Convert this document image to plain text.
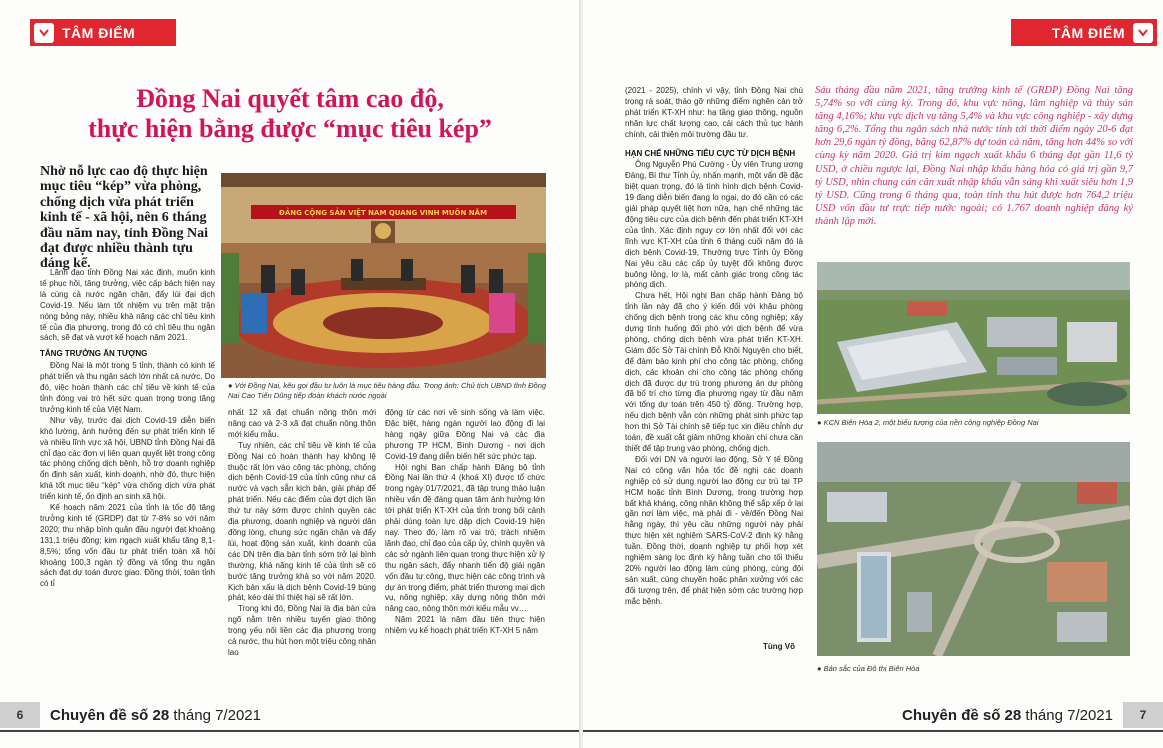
TÂM ĐIỂM
Đồng Nai quyết tâm cao độ,
thực hiện bằng được “mục tiêu kép”
Nhờ nỗ lực cao độ thực hiện mục tiêu “kép” vừa phòng, chống dịch vừa phát triển kinh tế - xã hội, nên 6 tháng đầu năm nay, tỉnh Đồng Nai đạt được nhiều thành tựu đáng kể.
ĐẢNG CỘNG SẢN VIỆT NAM QUANG VINH MUÔN NĂM
● Với Đồng Nai, kêu gọi đầu tư luôn là mục tiêu hàng đầu. Trong ảnh: Chủ tịch UBND tỉnh Đồng Nai Cao Tiến Dũng tiếp đoàn khách nước ngoài

Lãnh đạo tỉnh Đồng Nai xác định, muốn kinh tế phục hồi, tăng trưởng, việc cấp bách hiện nay là cùng cả nước ngăn chặn, đẩy lùi đại dịch Covid-19. Nếu làm tốt nhiệm vụ trên mặt trận nóng bỏng này, nhiều khả năng các chỉ tiêu kinh tế của địa phương, trong đó có chỉ tiêu thu ngân sách, sẽ đạt và vượt kế hoạch năm 2021.

TĂNG TRƯỞNG ẤN TƯỢNG

Đồng Nai là một trong 5 tỉnh, thành có kinh tế phát triển và thu ngân sách lớn nhất cả nước. Do đó, việc hoàn thành các chỉ tiêu về kinh tế của tỉnh đóng vai trò hết sức quan trọng trong tăng trưởng kinh tế của Việt Nam.

Như vậy, trước đại dịch Covid-19 diễn biến khó lường, ảnh hưởng đến sự phát triển kinh tế và nhiều lĩnh vực xã hội, UBND tỉnh Đồng Nai đã chỉ đạo các đơn vị liên quan quyết liệt trong công tác phòng chống dịch bệnh, hỗ trợ doanh nghiệp ổn định sản xuất, kinh doanh, nhờ đó, thực hiện khá tốt mục tiêu “kép” vừa chống dịch vừa phát triển kinh tế, ổn định an sinh xã hội.

Kế hoạch năm 2021 của tỉnh là tốc độ tăng trưởng kinh tế (GRDP) đạt từ 7-8% so với năm 2020; thu nhập bình quân đầu người đạt khoảng 131,1 triệu đồng; kim ngạch xuất khẩu tăng 8,1-8,5%; tổng vốn đầu tư phát triển toàn xã hội khoảng 100,3 ngàn tỷ đồng và tổng thu ngân sách đạt dự toán được giao. Đồng thời, toàn tỉnh có tỉ

nhất 12 xã đạt chuẩn nông thôn mới nâng cao và 2-3 xã đạt chuẩn nông thôn mới kiểu mẫu.

Tuy nhiên, các chỉ tiêu về kinh tế của Đồng Nai có hoàn thành hay không lệ thuộc rất lớn vào công tác phòng, chống dịch bệnh Covid-19 của tỉnh cũng như cả nước và vạch sẵn kịch bản, giải pháp để phát triển. Nếu các điểm của đợt dịch lần thứ tư này sớm được chính quyền các địa phương, doanh nghiệp và người dân đồng lòng, chung sức ngăn chặn và đẩy lùi, hoạt động sản xuất, kinh doanh của các DN trên địa bàn tỉnh sớm trở lại bình thường, khả năng kinh tế của tỉnh sẽ có bước tăng trưởng khả so với năm 2020. Kịch bản xấu là dịch bệnh Covid-19 bùng phát, kéo dài thì thiệt hại sẽ rất lớn.

Trong khi đó, Đồng Nai là địa bàn cửa ngõ nằm trên nhiều tuyến giao thông trọng yếu nối liền các địa phương trong cả nước, thu hút hơn một triệu công nhân lao

động từ các nơi về sinh sống và làm việc. Đặc biệt, hàng ngàn người lao động đi lại hàng ngày giữa Đồng Nai và các địa phương TP HCM, Bình Dương - nơi dịch Covid-19 đang diễn biến hết sức phức tạp.

Hội nghị Ban chấp hành Đảng bộ tỉnh Đồng Nai lần thứ 4 (khoá XI) được tổ chức trong ngày 01/7/2021, đã tập trung thảo luận nhiều vấn đề đáng quan tâm ảnh hưởng lớn tới phát triển KT-XH của tỉnh trong bối cảnh phải dùng toàn lực dập dịch Covid-19 hiện nay. Theo đó, làm rõ vai trò, trách nhiệm lãnh đạo, chỉ đạo của cấp ủy, chính quyền và các sở ngành liên quan trong thực hiện xử lý thu ngân sách, đẩy nhanh tiến độ giải ngân vốn đầu tư công, thực hiện các công trình và dự án trọng điểm, phát triển thương mại dịch vụ, nông nghiệp, xây dựng nông thôn mới nâng cao, nông thôn mới kiểu mẫu vv…

Năm 2021 là năm đầu tiên thực hiện nhiệm vụ kế hoạch phát triển KT-XH 5 năm

6	Chuyên đề số 28 tháng 7/2021
TÂM ĐIỂM

(2021 - 2025), chính vì vậy, tỉnh Đồng Nai chú trọng rà soát, tháo gỡ những điểm nghẽn cản trở phát triển KT-XH như: hạ tầng giao thông, nguồn nhân lực chất lượng cao, cải cách thủ tục hành chính, cải thiện môi trường đầu tư.

HẠN CHẾ NHỮNG TIÊU CỰC TỪ DỊCH BỆNH

Ông Nguyễn Phú Cường - Ủy viên Trung ương Đảng, Bí thư Tỉnh ủy, nhấn mạnh, một vấn đề đặc biệt quan trọng, đó là tình hình dịch bệnh Covid-19 đang diễn biến đang lo ngại, do đó cần có các giải pháp quyết liệt hơn nữa, hạn chế những tác động tiêu cực của dịch bệnh đến phát triển KT-XH của tỉnh. Xác định nguy cơ lớn nhất đối với các lĩnh vực KT-XH của tỉnh 6 tháng cuối năm đó là dịch bệnh Covid-19, Thường trực Tỉnh ủy Đồng Nai yêu cầu các cấp ủy tuyệt đối không được buông lỏng, lơ là, mất cảnh giác trong công tác phòng dịch.

Chưa hết, Hội nghị Ban chấp hành Đảng bộ tỉnh lần này đã cho ý kiến đối với khâu phòng chống dịch bệnh trong các khu công nghiệp; xây dựng tình huống đối phó với dịch bệnh để vừa phòng, chống dịch bệnh vừa phát triển KT-XH. Giám đốc Sở Tài chính Đỗ Khôi Nguyên cho biết, để đảm bảo kinh phí cho công tác phòng, chống dịch, các khoản chi cho công tác phòng chống dịch đã được dự trù trong phương án dự phòng đã bố trí cho từng địa phương ngay từ đầu năm với tổng dự toán trên 450 tỷ đồng. Trường hợp, nếu dịch bệnh vẫn còn những phát sinh phức tạp hơn thì Sở Tài chính sẽ tiếp tục xin điều chỉnh dự toán, đề xuất cắt giảm những khoản chi chưa cần thiết để tập trung vào phòng, chống dịch.

Đối với DN và người lao động, Sở Y tế Đồng Nai có công văn hỏa tốc đề nghị các doanh nghiệp có sử dụng người lao động cư trú tại TP HCM hoặc tỉnh Bình Dương, trong trường hợp bất khả kháng, công nhân không thể sắp xếp ở lại gần nơi làm việc, mà phải đi - về/đến Đồng Nai hằng ngày, thì yêu cầu những người này phải thực hiện xét nghiệm SARS-CoV-2 định kỳ hằng tuần. Đồng thời, doanh nghiệp tự phối hợp xét nghiệm sàng lọc định kỳ hằng tuần cho tối thiểu 20% người lao động làm cùng phòng, cùng đội sản xuất, cùng chuyền hoặc phân xưởng với các đối tượng trên, để phát hiện sớm các trường hợp mắc bệnh.

Tùng Võ
Sáu tháng đầu năm 2021, tăng trưởng kinh tế (GRDP) Đồng Nai tăng 5,74% so với cùng kỳ. Trong đó, khu vực nông, lâm nghiệp và thủy sản tăng 4,16%; khu vực dịch vụ tăng 5,4% và khu vực công nghiệp - xây dựng tăng 6,2%. Tổng thu ngân sách nhà nước tỉnh tới thời điểm ngày 20-6 đạt hơn 29,6 ngàn tỷ đồng, bằng 62,87% dự toán cả năm, tăng hơn 44% so với cùng kỳ năm 2020. Giá trị kim ngạch xuất khẩu 6 tháng đạt gần 11,6 tỷ USD, ở chiều ngược lại, Đồng Nai nhập khẩu hàng hóa có giá trị gần 9,7 tỷ USD, nhìn chung cán cân xuất nhập khẩu vẫn sáng khi xuất siêu hơn 1,9 tỷ USD. Cũng trong 6 tháng qua, toàn tỉnh thu hút được hơn 764,2 triệu USD vốn đầu tư trực tiếp nước ngoài; có 1.767 doanh nghiệp đăng ký thành lập mới.
● KCN Biên Hòa 2, một biểu tượng của nền công nghiệp Đồng Nai
● Bản sắc của Đô thị Biên Hòa
7
Chuyên đề số 28 tháng 7/2021
